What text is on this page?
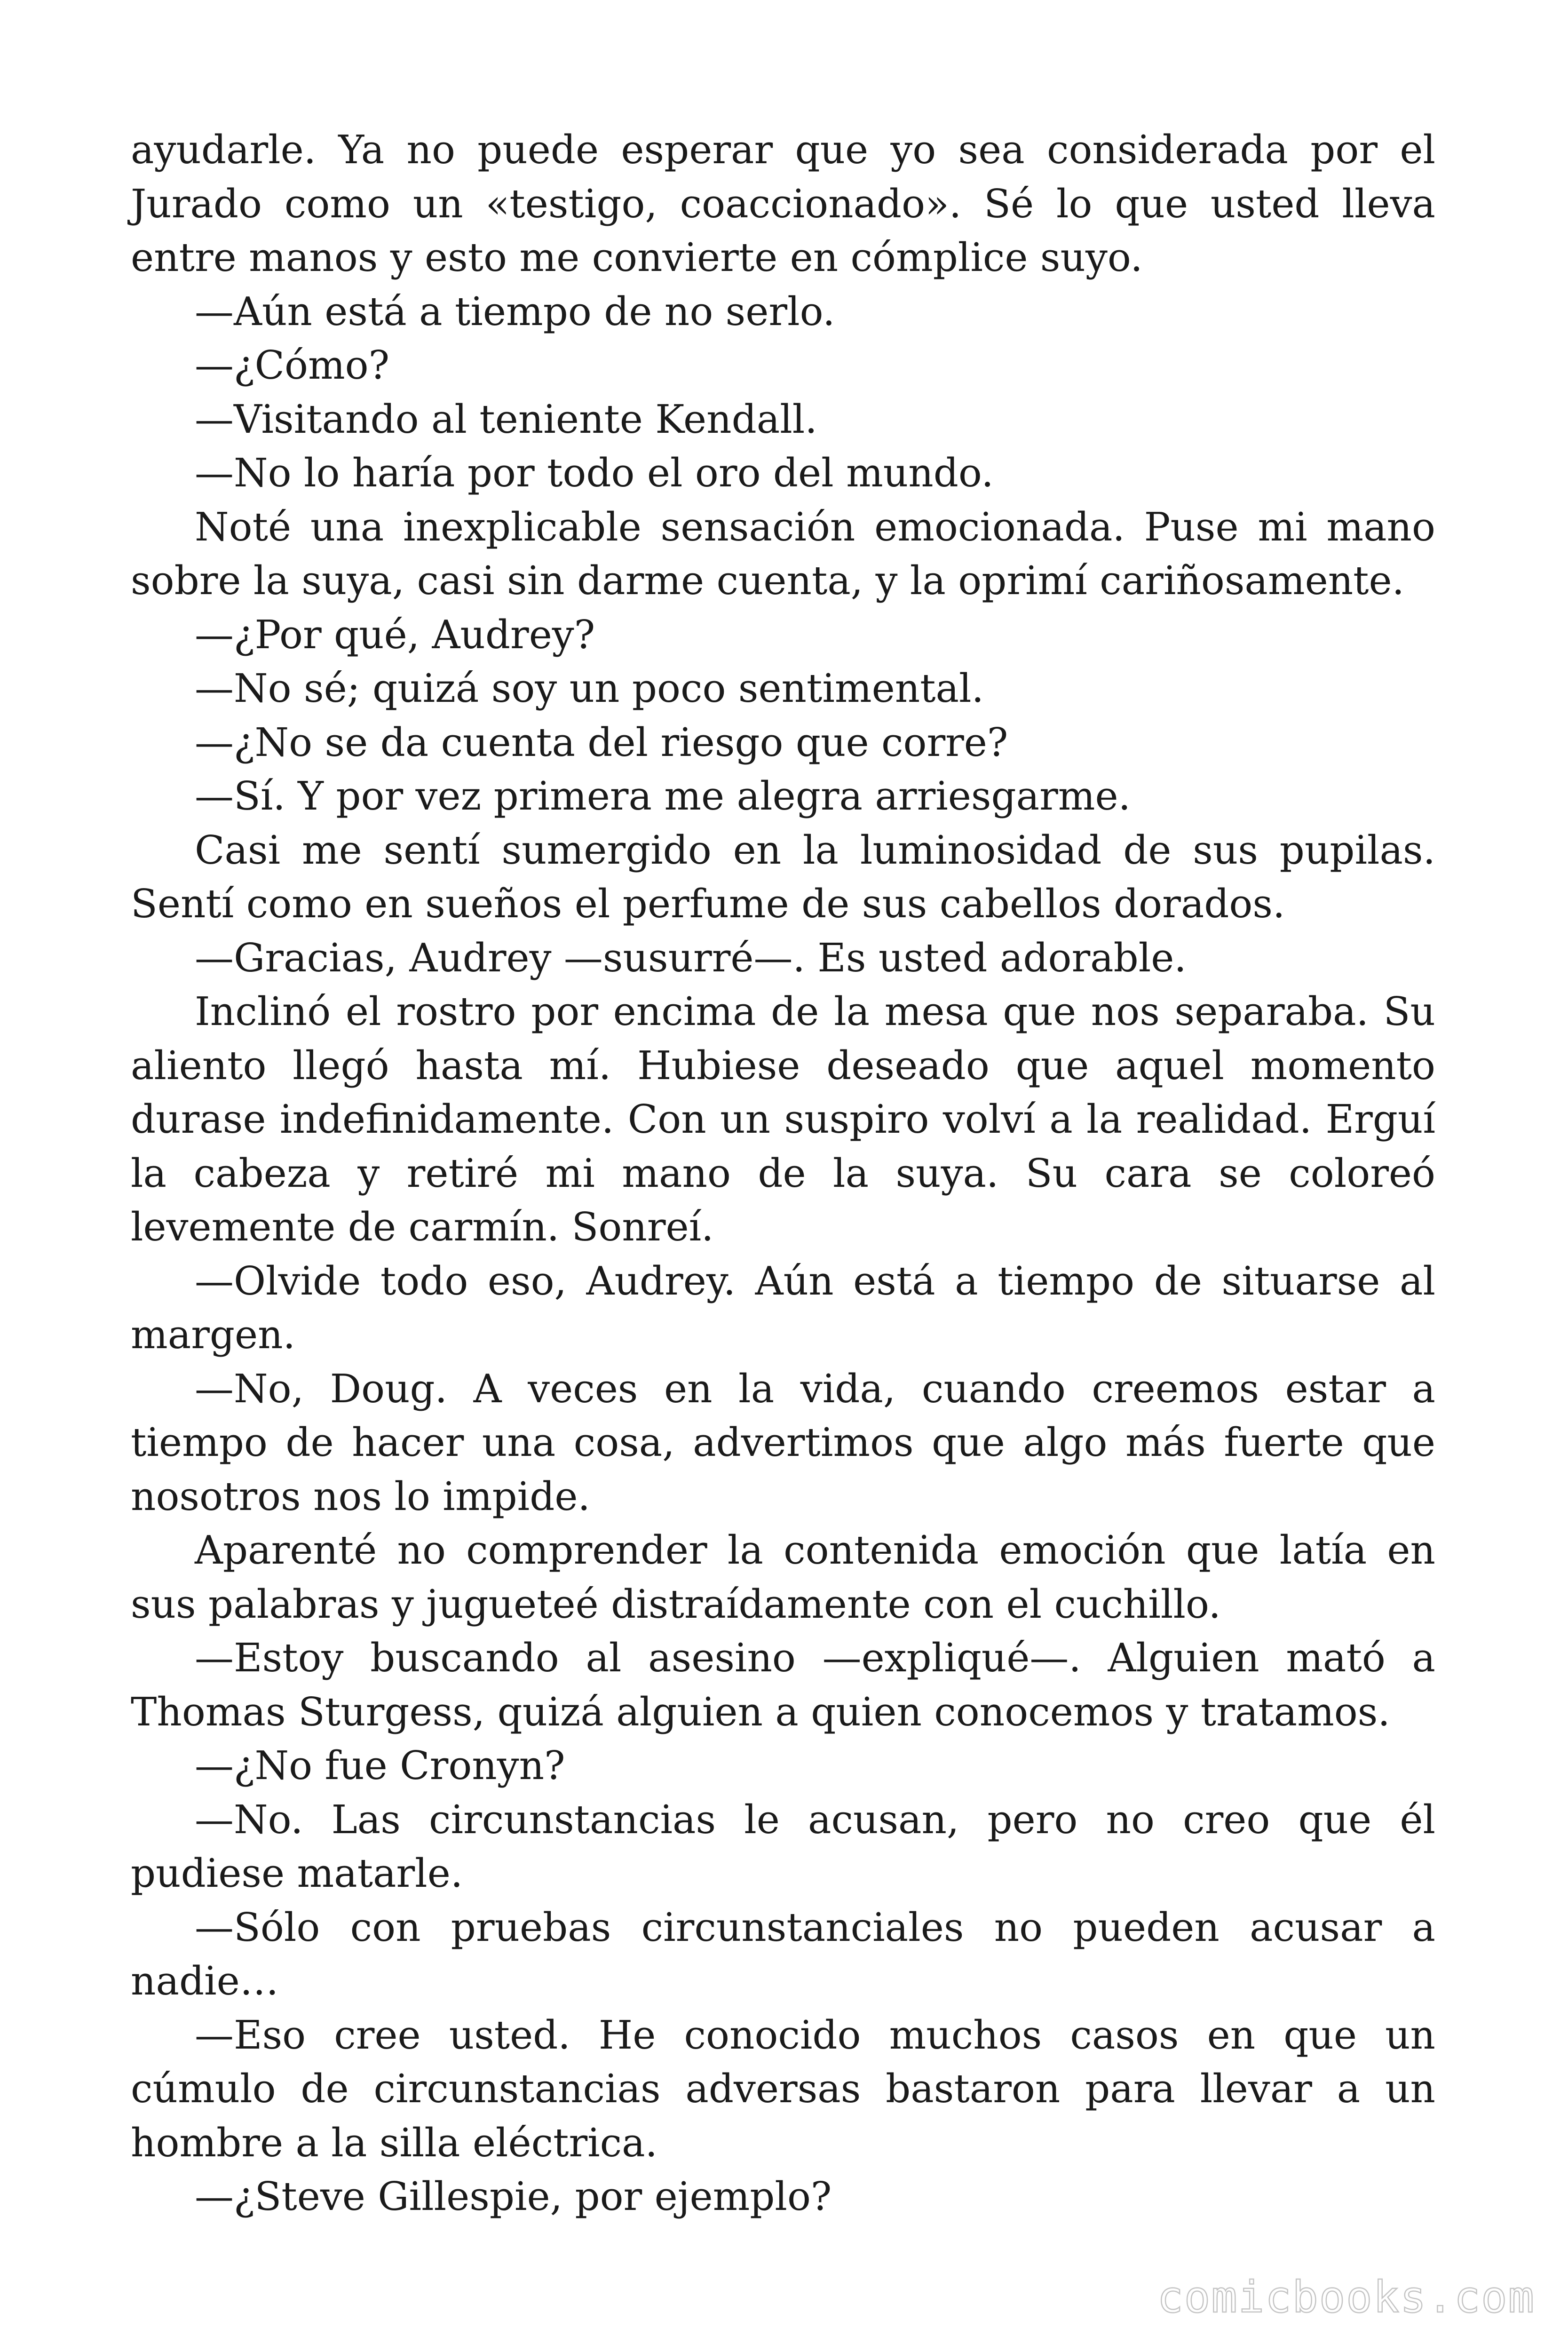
ayudarle. Ya no puede esperar que yo sea considerada por el Jurado como un «testigo, coaccionado». Sé lo que usted lleva entre manos y esto me convierte en cómplice suyo.

—Aún está a tiempo de no serlo.

—¿Cómo?

—Visitando al teniente Kendall.

—No lo haría por todo el oro del mundo.

Noté una inexplicable sensación emocionada. Puse mi mano sobre la suya, casi sin darme cuenta, y la oprimí cariñosamente.

—¿Por qué, Audrey?

—No sé; quizá soy un poco sentimental.

—¿No se da cuenta del riesgo que corre?

—Sí. Y por vez primera me alegra arriesgarme.

Casi me sentí sumergido en la luminosidad de sus pupilas. Sentí como en sueños el perfume de sus cabellos dorados.

—Gracias, Audrey —susurré—. Es usted adorable.

Inclinó el rostro por encima de la mesa que nos separaba. Su aliento llegó hasta mí. Hubiese deseado que aquel momento durase indefinidamente. Con un suspiro volví a la realidad. Erguí la cabeza y retiré mi mano de la suya. Su cara se coloreó levemente de carmín. Sonreí.

—Olvide todo eso, Audrey. Aún está a tiempo de situarse al margen.

—No, Doug. A veces en la vida, cuando creemos estar a tiempo de hacer una cosa, advertimos que algo más fuerte que nosotros nos lo impide.

Aparenté no comprender la contenida emoción que latía en sus palabras y jugueteé distraídamente con el cuchillo.

—Estoy buscando al asesino —expliqué—. Alguien mató a Thomas Sturgess, quizá alguien a quien conocemos y tratamos.

—¿No fue Cronyn?

—No. Las circunstancias le acusan, pero no creo que él pudiese matarle.

—Sólo con pruebas circunstanciales no pueden acusar a nadie…

—Eso cree usted. He conocido muchos casos en que un cúmulo de circunstancias adversas bastaron para llevar a un hombre a la silla eléctrica.

—¿Steve Gillespie, por ejemplo?

comicbooks.com
